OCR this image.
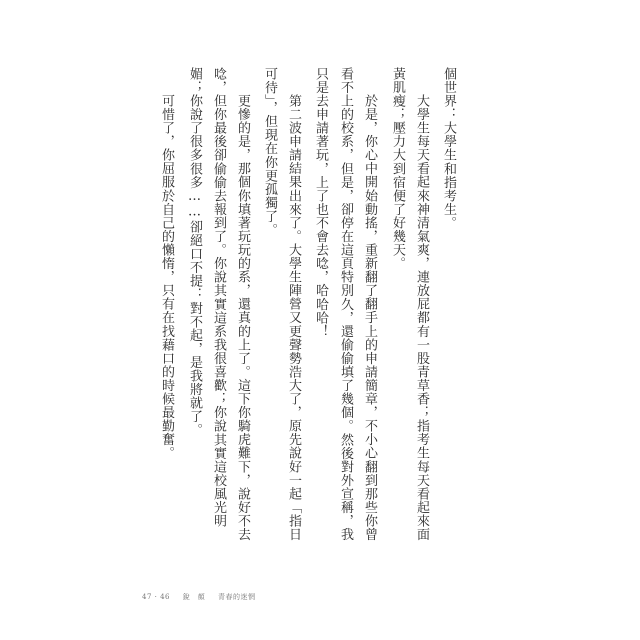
個世界：大學生和指考生。

大學生每天看起來神清氣爽，連放屁都有一股青草香；指考生每天看起來面

黃肌瘦；壓力大到宿便了好幾天。

於是，你心中開始動搖，重新翻了翻手上的申請簡章，不小心翻到那些你曾

看不上的校系，但是，卻停在這頁特別久，還偷偷填了幾個。然後對外宣稱，我

只是去申請著玩，上了也不會去唸，哈哈哈！

第二波申請結果出來了。大學生陣營又更聲勢浩大了，原先說好一起「指日

可待」，但現在你更孤獨了。

更慘的是，那個你填著玩玩的系，還真的上了。這下你騎虎難下，說好不去

唸，但你最後卻偷偷去報到了。你說其實這系我很喜歡；你說其實這校風光明

媚；你說了很多很多……卻絕口不提：對不起，是我將就了。

可惜了，你屈服於自己的懶惰，只有在找藉口的時候最勤奮。

47 · 46 銳　顏 青春的迷惘
